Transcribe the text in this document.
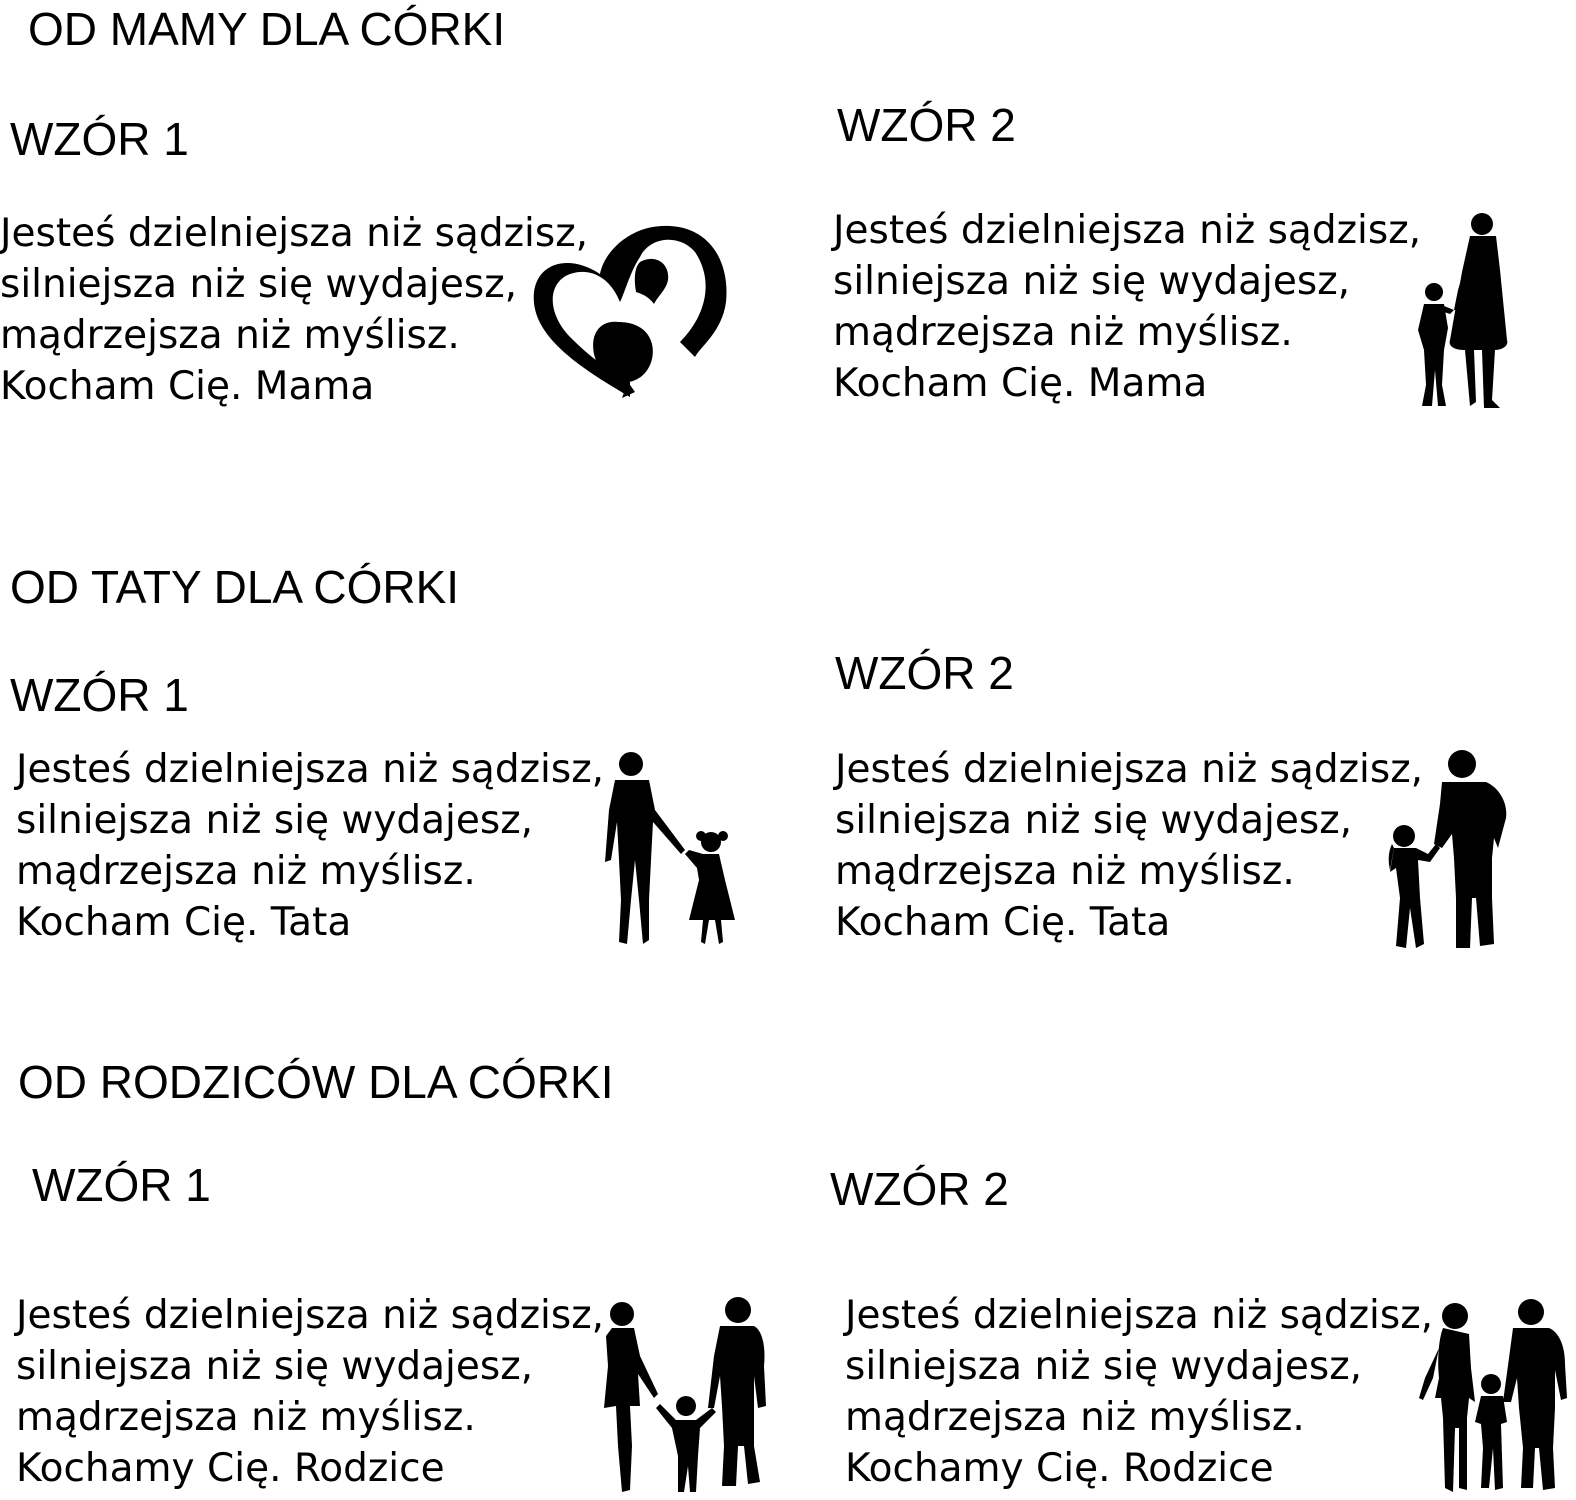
OD MAMY DLA CÓRKI
WZÓR 1
Jesteś dzielniejsza niż sądzisz,
silniejsza niż się wydajesz,
mądrzejsza niż myślisz.
Kocham Cię. Mama
WZÓR 2
Jesteś dzielniejsza niż sądzisz,
silniejsza niż się wydajesz,
mądrzejsza niż myślisz.
Kocham Cię. Mama
OD TATY DLA CÓRKI
WZÓR 1
Jesteś dzielniejsza niż sądzisz,
silniejsza niż się wydajesz,
mądrzejsza niż myślisz.
Kocham Cię. Tata
WZÓR 2
Jesteś dzielniejsza niż sądzisz,
silniejsza niż się wydajesz,
mądrzejsza niż myślisz.
Kocham Cię. Tata
OD RODZICÓW DLA CÓRKI
WZÓR 1
Jesteś dzielniejsza niż sądzisz,
silniejsza niż się wydajesz,
mądrzejsza niż myślisz.
Kochamy Cię. Rodzice
WZÓR 2
Jesteś dzielniejsza niż sądzisz,
silniejsza niż się wydajesz,
mądrzejsza niż myślisz.
Kochamy Cię. Rodzice
